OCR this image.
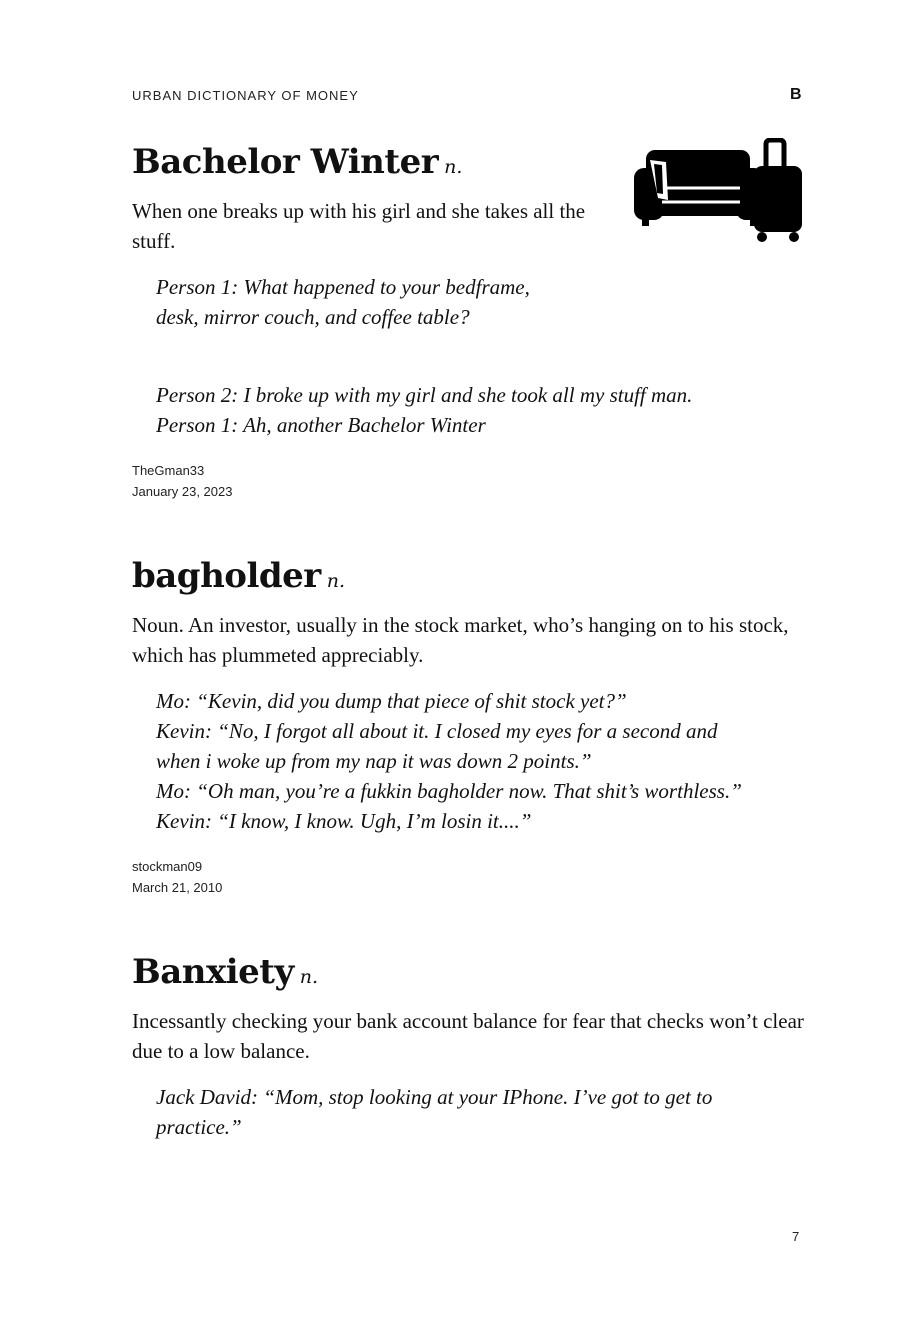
URBAN DICTIONARY OF MONEY	B

Bachelor Winter n.

When one breaks up with his girl and she takes all the stuff.

Person 1: What happened to your bedframe,
desk, mirror couch, and coffee table?
Person 2: I broke up with my girl and she took all my stuff man.
Person 1: Ah, another Bachelor Winter
TheGman33
January 23, 2023

bagholder n.

Noun. An investor, usually in the stock market, who’s hanging on to his stock, which has plummeted appreciably.

Mo: “Kevin, did you dump that piece of shit stock yet?”
Kevin: “No, I forgot all about it. I closed my eyes for a second and
when i woke up from my nap it was down 2 points.”
Mo: “Oh man, you’re a fukkin bagholder now. That shit’s worthless.”
Kevin: “I know, I know. Ugh, I’m losin it....”
stockman09
March 21, 2010

Banxiety n.

Incessantly checking your bank account balance for fear that checks won’t clear due to a low balance.

Jack David: “Mom, stop looking at your IPhone. I’ve got to get to
practice.”
7
